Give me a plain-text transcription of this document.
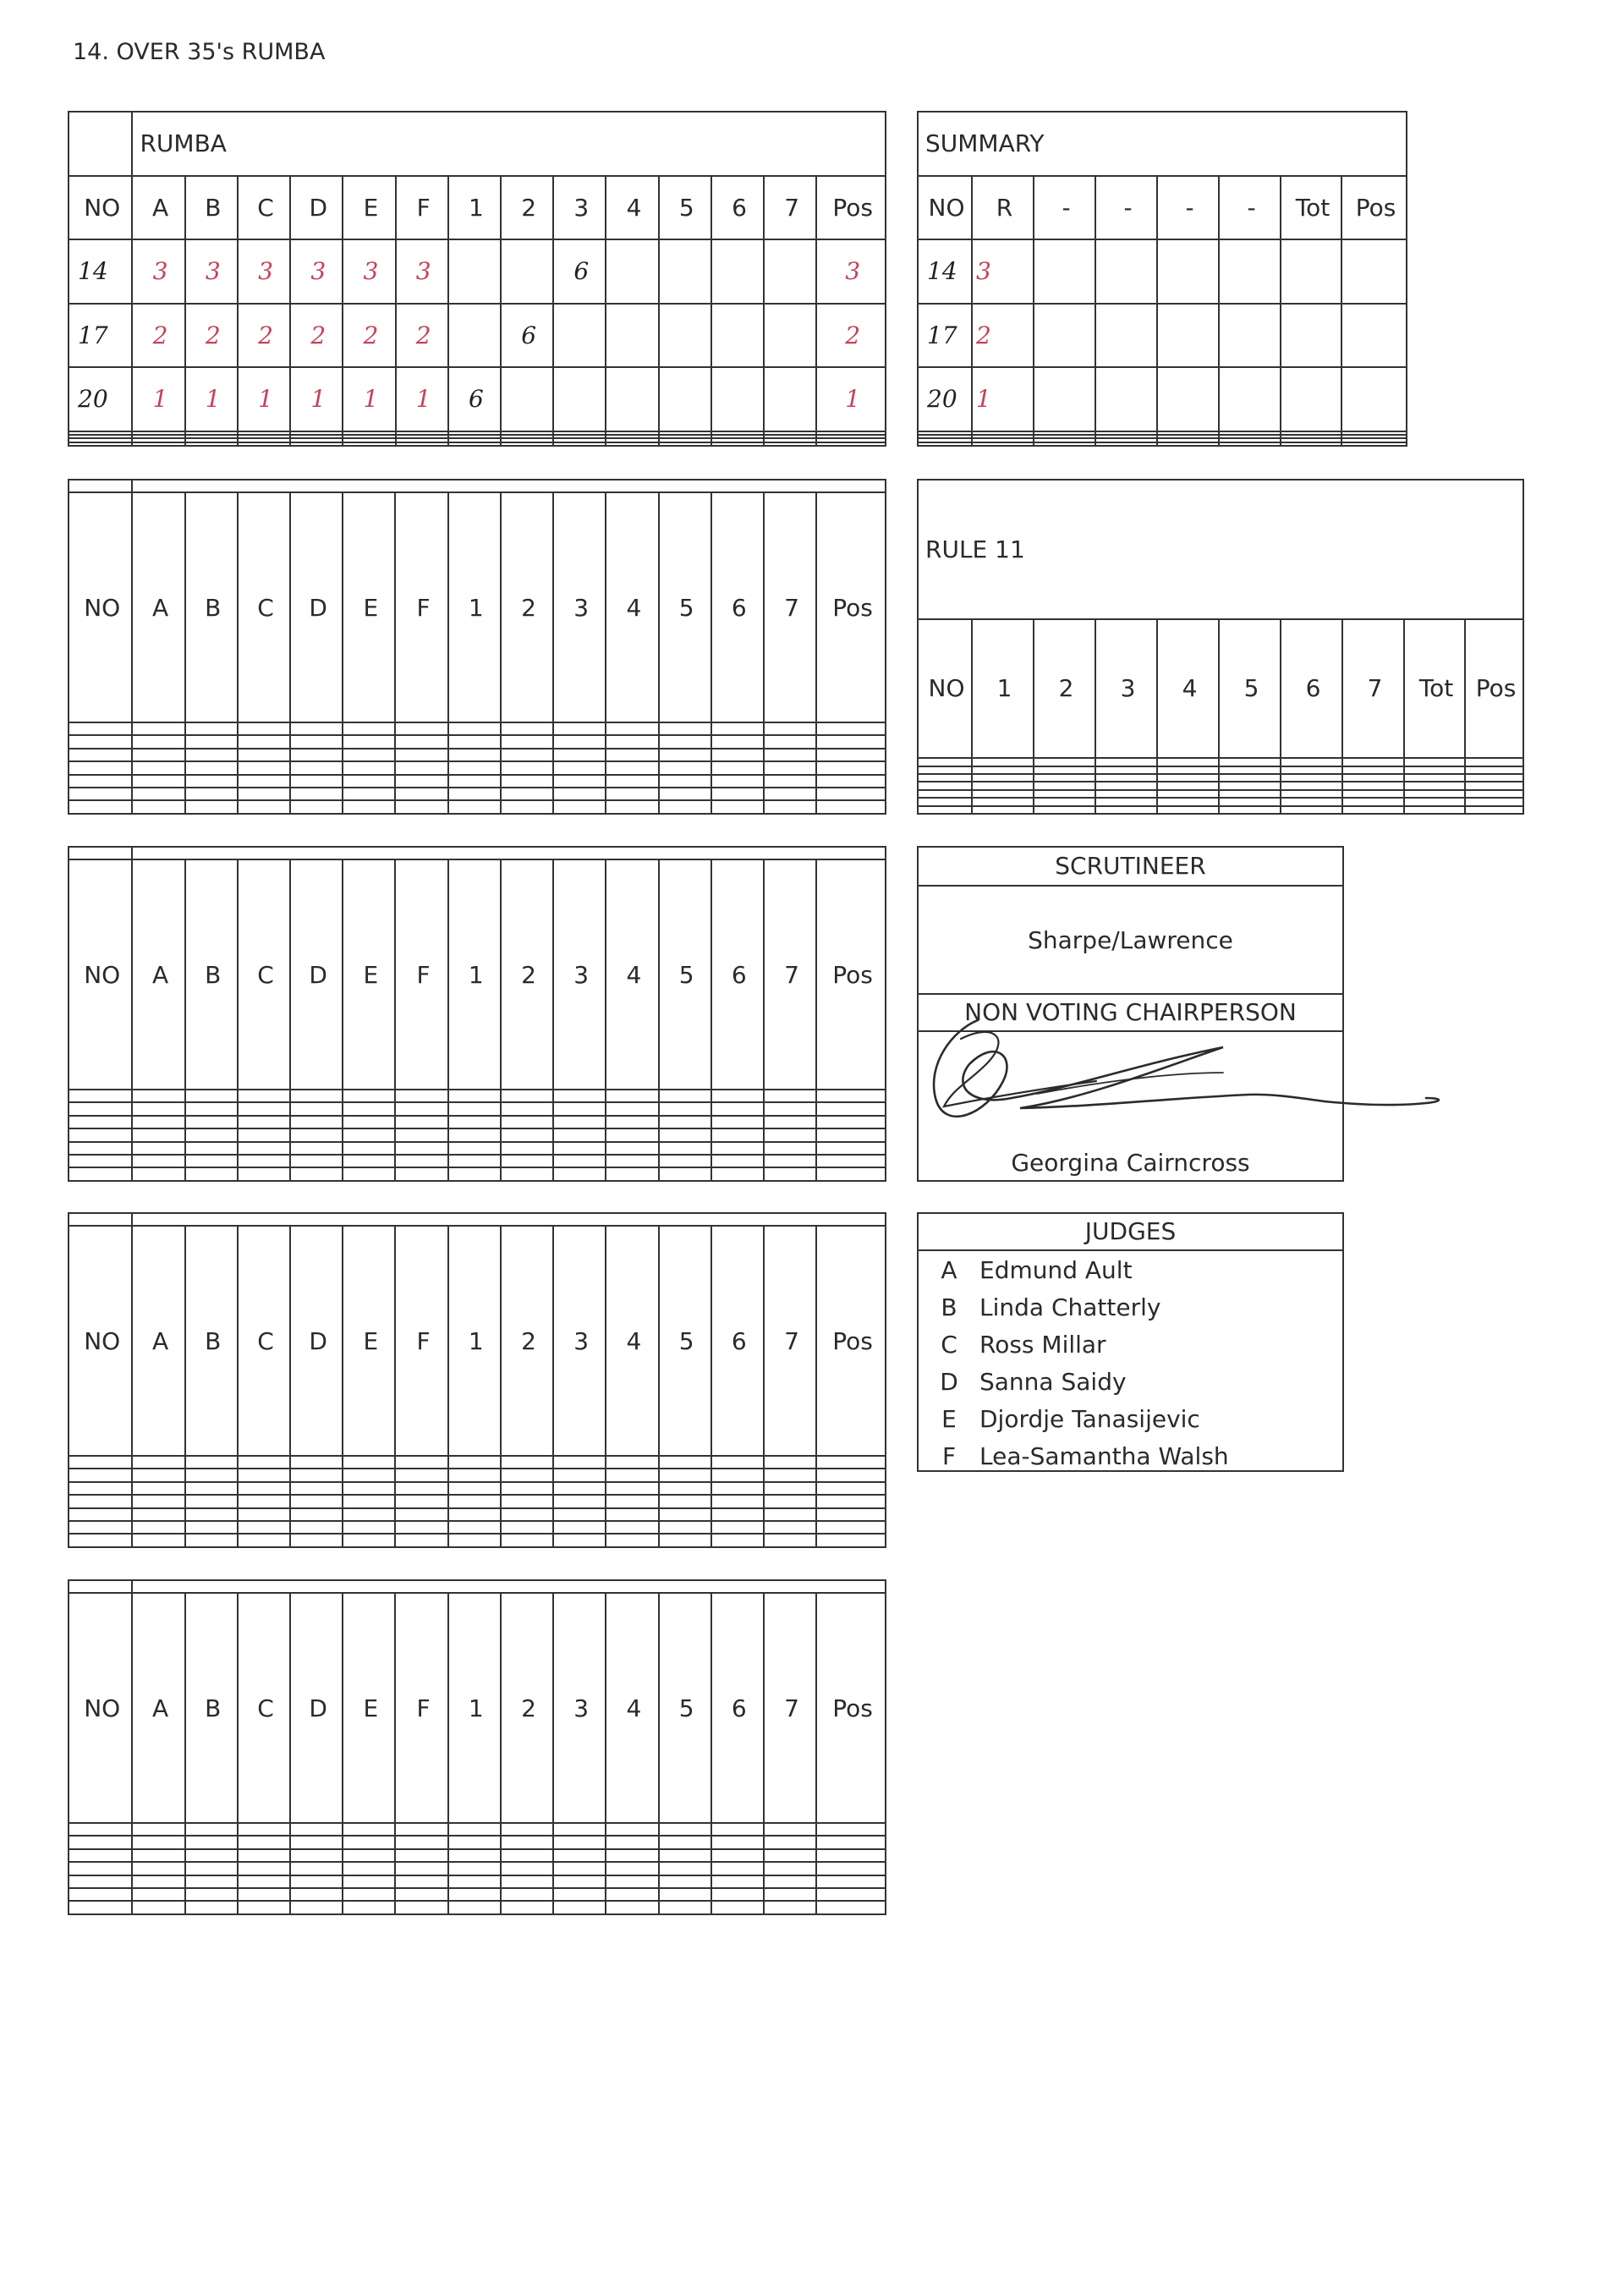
14. OVER 35's RUMBA
	RUMBA													
NO	A	B	C	D	E	F	1	2	3	4	5	6	7	Pos
14	3	3	3	3	3	3			6					3
17	2	2	2	2	2	2		6						2
20	1	1	1	1	1	1	6							1

NO	A	B	C	D	E	F	1	2	3	4	5	6	7	Pos

NO	A	B	C	D	E	F	1	2	3	4	5	6	7	Pos

NO	A	B	C	D	E	F	1	2	3	4	5	6	7	Pos

NO	A	B	C	D	E	F	1	2	3	4	5	6	7	Pos

SUMMARY							
NO	R	-	-	-	-	Tot	Pos
14	3						
17	2						
20	1						

RULE 11									
NO	1	2	3	4	5	6	7	Tot	Pos

SCRUTINEER
Sharpe/Lawrence
NON VOTING CHAIRPERSON
Georgina Cairncross
JUDGES
A Edmund Ault
B Linda Chatterly
C Ross Millar
D Sanna Saidy
E Djordje Tanasijevic
F Lea-Samantha Walsh
